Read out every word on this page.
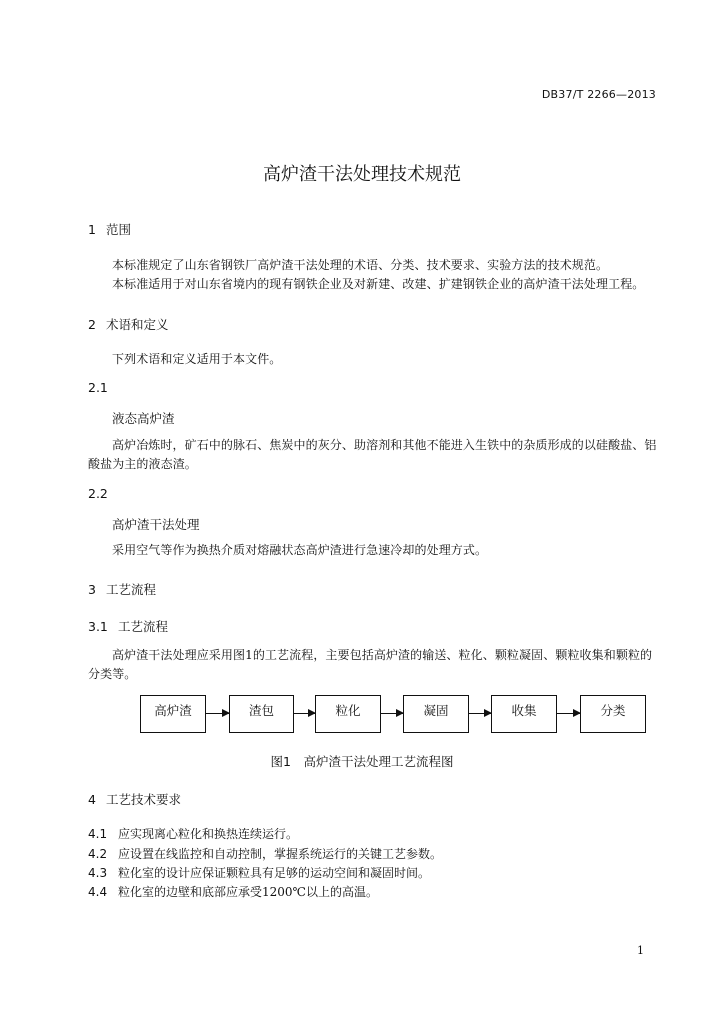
DB37/T 2266—2013
高炉渣干法处理技术规范
1 范围
本标准规定了山东省钢铁厂高炉渣干法处理的术语、分类、技术要求、实验方法的技术规范。
本标准适用于对山东省境内的现有钢铁企业及对新建、改建、扩建钢铁企业的高炉渣干法处理工程。
2 术语和定义
下列术语和定义适用于本文件。
2.1
液态高炉渣
高炉冶炼时，矿石中的脉石、焦炭中的灰分、助溶剂和其他不能进入生铁中的杂质形成的以硅酸盐、铝酸盐为主的液态渣。
2.2
高炉渣干法处理
采用空气等作为换热介质对熔融状态高炉渣进行急速冷却的处理方式。
3 工艺流程
3.1 工艺流程
高炉渣干法处理应采用图1的工艺流程，主要包括高炉渣的输送、粒化、颗粒凝固、颗粒收集和颗粒的分类等。
高炉渣	渣包	粒化	凝固	收集	分类
图1　高炉渣干法处理工艺流程图
4 工艺技术要求
4.1 应实现离心粒化和换热连续运行。
4.2 应设置在线监控和自动控制，掌握系统运行的关键工艺参数。
4.3 粒化室的设计应保证颗粒具有足够的运动空间和凝固时间。
4.4 粒化室的边壁和底部应承受1200℃以上的高温。
1
